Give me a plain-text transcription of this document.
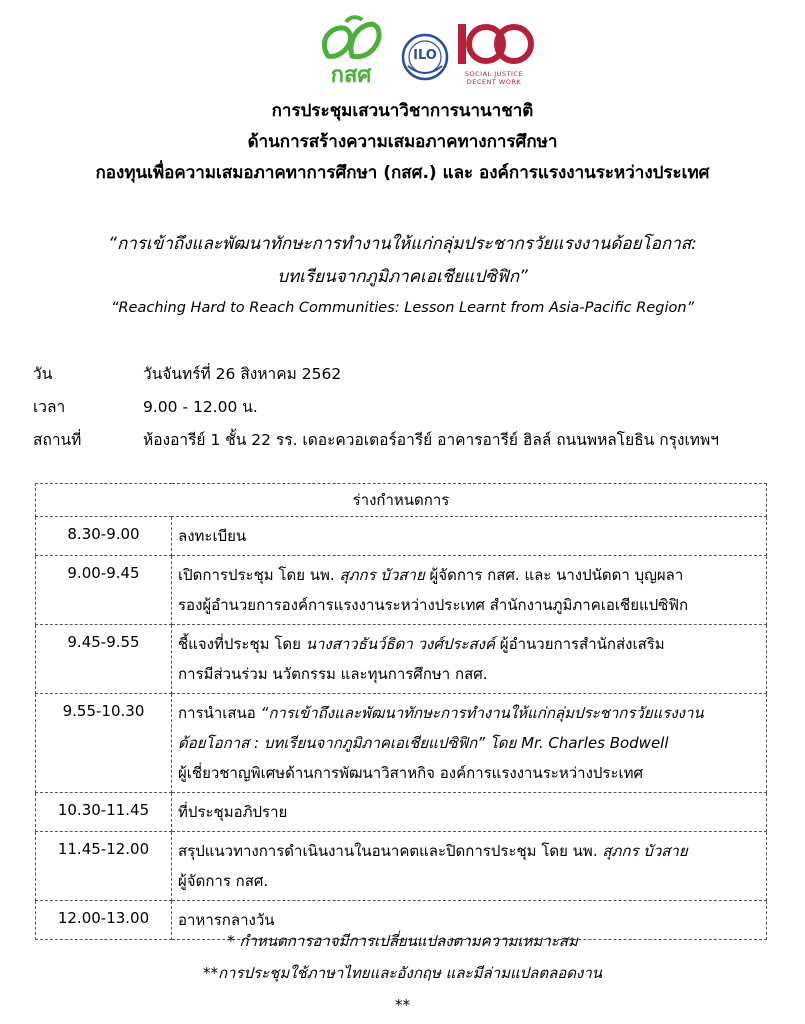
กสศ
ILO
SOCIAL JUSTICE
DECENT WORK
การประชุมเสวนาวิชาการนานาชาติ
ด้านการสร้างความเสมอภาคทางการศึกษา
กองทุนเพื่อความเสมอภาคทาการศึกษา (กสศ.) และ องค์การแรงงานระหว่างประเทศ
“การเข้าถึงและพัฒนาทักษะการทำงานให้แก่กลุ่มประชากรวัยแรงงานด้อยโอกาส:
บทเรียนจากภูมิภาคเอเชียแปซิฟิก”
“Reaching Hard to Reach Communities: Lesson Learnt from Asia-Pacific Region”
วัน	วันจันทร์ที่ 26 สิงหาคม 2562
เวลา	9.00 - 12.00 น.
สถานที่	ห้องอารีย์ 1 ชั้น 22 รร. เดอะควอเตอร์อารีย์ อาคารอารีย์ ฮิลล์ ถนนพหลโยธิน กรุงเทพฯ
ร่างกำหนดการ	
8.30-9.00	ลงทะเบียน
9.00-9.45	เปิดการประชุม โดย นพ. สุภกร บัวสาย ผู้จัดการ กสศ. และ นางปนัดดา บุญผลา
รองผู้อำนวยการองค์การแรงงานระหว่างประเทศ สำนักงานภูมิภาคเอเชียแปซิฟิก

9.45-9.55	ชี้แจงที่ประชุม โดย นางสาวธันว์ธิดา วงศ์ประสงค์ ผู้อำนวยการสำนักส่งเสริม
การมีส่วนร่วม นวัตกรรม และทุนการศึกษา กสศ.

9.55-10.30	การนำเสนอ “การเข้าถึงและพัฒนาทักษะการทำงานให้แก่กลุ่มประชากรวัยแรงงาน
ด้อยโอกาส : บทเรียนจากภูมิภาคเอเชียแปซิฟิก” โดย Mr. Charles Bodwell
ผู้เชี่ยวชาญพิเศษด้านการพัฒนาวิสาหกิจ องค์การแรงงานระหว่างประเทศ

10.30-11.45	ที่ประชุมอภิปราย
11.45-12.00	สรุปแนวทางการดำเนินงานในอนาคตและปิดการประชุม โดย นพ. สุภกร บัวสาย
ผู้จัดการ กสศ.

12.00-13.00	อาหารกลางวัน
* กำหนดการอาจมีการเปลี่ยนแปลงตามความเหมาะสม
**การประชุมใช้ภาษาไทยและอังกฤษ และมีล่ามแปลตลอดงาน
**
